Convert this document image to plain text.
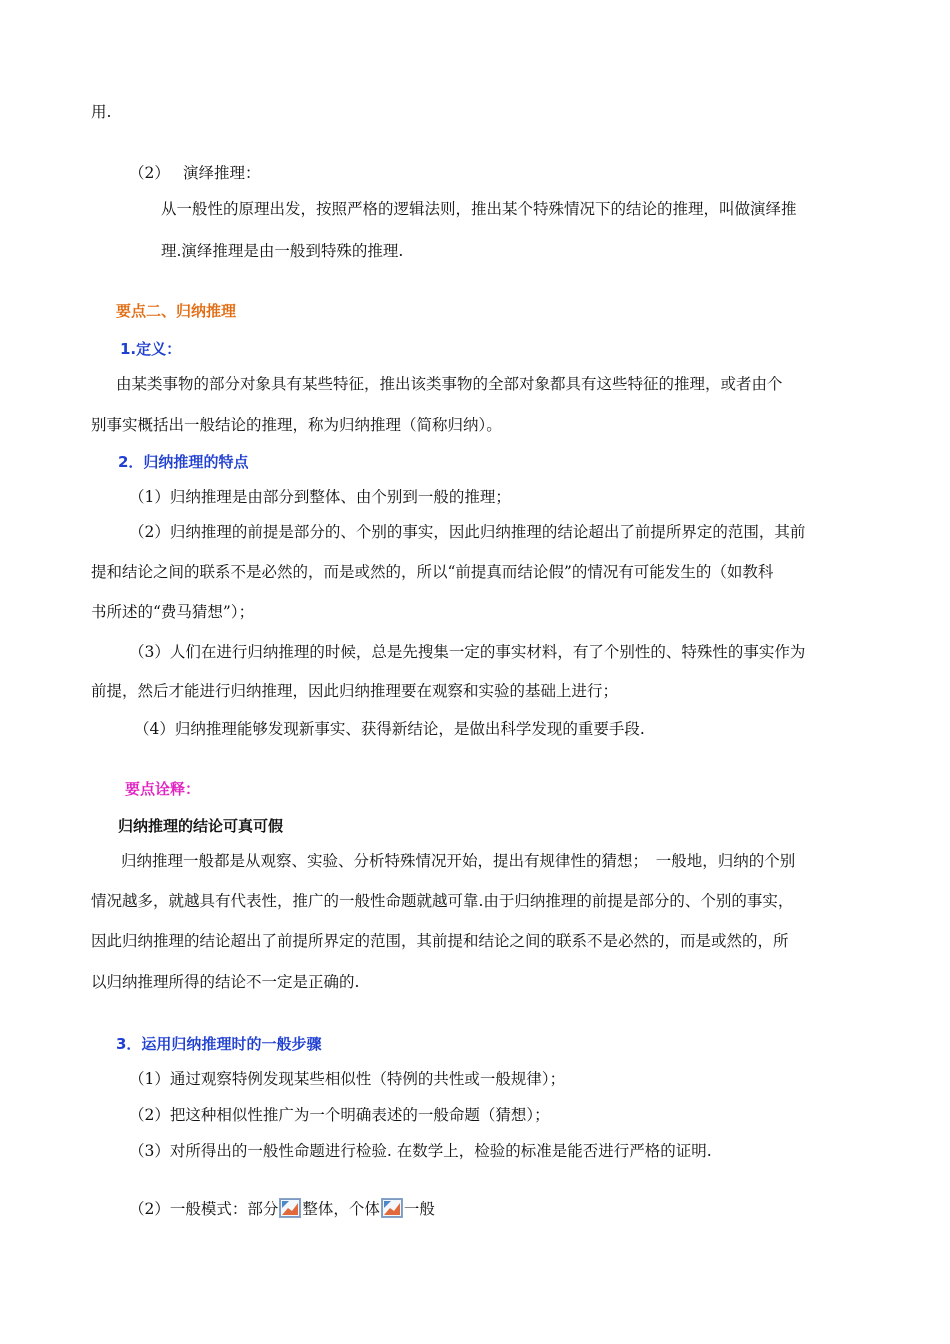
用.
（2） 演绎推理：
从一般性的原理出发，按照严格的逻辑法则，推出某个特殊情况下的结论的推理，叫做演绎推
理.演绎推理是由一般到特殊的推理.
要点二、归纳推理
1.定义：
由某类事物的部分对象具有某些特征，推出该类事物的全部对象都具有这些特征的推理，或者由个
别事实概括出一般结论的推理，称为归纳推理（简称归纳）。
2．归纳推理的特点
（1）归纳推理是由部分到整体、由个别到一般的推理；
（2）归纳推理的前提是部分的、个别的事实，因此归纳推理的结论超出了前提所界定的范围，其前
提和结论之间的联系不是必然的，而是或然的，所以“前提真而结论假”的情况有可能发生的（如教科
书所述的“费马猜想”）；
（3）人们在进行归纳推理的时候，总是先搜集一定的事实材料，有了个别性的、特殊性的事实作为
前提，然后才能进行归纳推理，因此归纳推理要在观察和实验的基础上进行；
（4）归纳推理能够发现新事实、获得新结论，是做出科学发现的重要手段.
要点诠释：
归纳推理的结论可真可假
归纳推理一般都是从观察、实验、分析特殊情况开始，提出有规律性的猜想；　一般地，归纳的个别
情况越多，就越具有代表性，推广的一般性命题就越可靠.由于归纳推理的前提是部分的、个别的事实，
因此归纳推理的结论超出了前提所界定的范围，其前提和结论之间的联系不是必然的，而是或然的，所
以归纳推理所得的结论不一定是正确的.
3．运用归纳推理时的一般步骤
（1）通过观察特例发现某些相似性（特例的共性或一般规律）；
（2）把这种相似性推广为一个明确表述的一般命题（猜想）；
（3）对所得出的一般性命题进行检验. 在数学上，检验的标准是能否进行严格的证明.
（2）一般模式：部分 整体，个体 一般
